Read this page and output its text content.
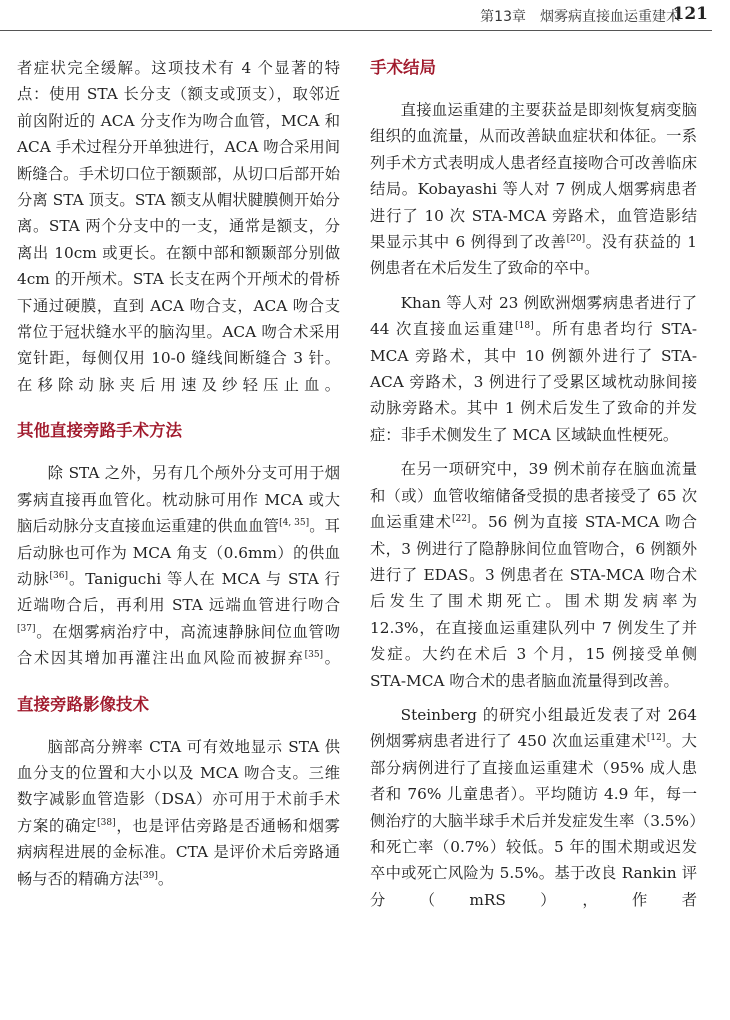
第13章　烟雾病直接血运重建术
121

者症状完全缓解。这项技术有 4 个显著的特点：使用 STA 长分支（额支或顶支），取邻近前囟附近的 ACA 分支作为吻合血管，MCA 和 ACA 手术过程分开单独进行，ACA 吻合采用间断缝合。手术切口位于额颞部，从切口后部开始分离 STA 顶支。STA 额支从帽状腱膜侧开始分离。STA 两个分支中的一支，通常是额支，分离出 10cm 或更长。在额中部和额颞部分别做 4cm 的开颅术。STA 长支在两个开颅术的骨桥下通过硬膜，直到 ACA 吻合支，ACA 吻合支常位于冠状缝水平的脑沟里。ACA 吻合术采用宽针距，每侧仅用 10-0 缝线间断缝合 3 针。在移除动脉夹后用速及纱轻压止血。

其他直接旁路手术方法

除 STA 之外，另有几个颅外分支可用于烟雾病直接再血管化。枕动脉可用作 MCA 或大脑后动脉分支直接血运重建的供血血管[4, 35]。耳后动脉也可作为 MCA 角支（0.6mm）的供血动脉[36]。Taniguchi 等人在 MCA 与 STA 行近端吻合后，再利用 STA 远端血管进行吻合[37]。在烟雾病治疗中，高流速静脉间位血管吻合术因其增加再灌注出血风险而被摒弃[35]。

直接旁路影像技术

脑部高分辨率 CTA 可有效地显示 STA 供血分支的位置和大小以及 MCA 吻合支。三维数字减影血管造影（DSA）亦可用于术前手术方案的确定[38]，也是评估旁路是否通畅和烟雾病病程进展的金标准。CTA 是评价术后旁路通畅与否的精确方法[39]。

手术结局

直接血运重建的主要获益是即刻恢复病变脑组织的血流量，从而改善缺血症状和体征。一系列手术方式表明成人患者经直接吻合可改善临床结局。Kobayashi 等人对 7 例成人烟雾病患者进行了 10 次 STA-MCA 旁路术，血管造影结果显示其中 6 例得到了改善[20]。没有获益的 1 例患者在术后发生了致命的卒中。

Khan 等人对 23 例欧洲烟雾病患者进行了 44 次直接血运重建[18]。所有患者均行 STA-MCA 旁路术，其中 10 例额外进行了 STA-ACA 旁路术，3 例进行了受累区域枕动脉间接动脉旁路术。其中 1 例术后发生了致命的并发症：非手术侧发生了 MCA 区域缺血性梗死。

在另一项研究中，39 例术前存在脑血流量和（或）血管收缩储备受损的患者接受了 65 次血运重建术[22]。56 例为直接 STA-MCA 吻合术，3 例进行了隐静脉间位血管吻合，6 例额外进行了 EDAS。3 例患者在 STA-MCA 吻合术后发生了围术期死亡。围术期发病率为 12.3%，在直接血运重建队列中 7 例发生了并发症。大约在术后 3 个月，15 例接受单侧 STA-MCA 吻合术的患者脑血流量得到改善。

Steinberg 的研究小组最近发表了对 264 例烟雾病患者进行了 450 次血运重建术[12]。大部分病例进行了直接血运重建术（95% 成人患者和 76% 儿童患者）。平均随访 4.9 年，每一侧治疗的大脑半球手术后并发症发生率（3.5%）和死亡率（0.7%）较低。5 年的围术期或迟发卒中或死亡风险为 5.5%。基于改良 Rankin 评分（mRS），作者
